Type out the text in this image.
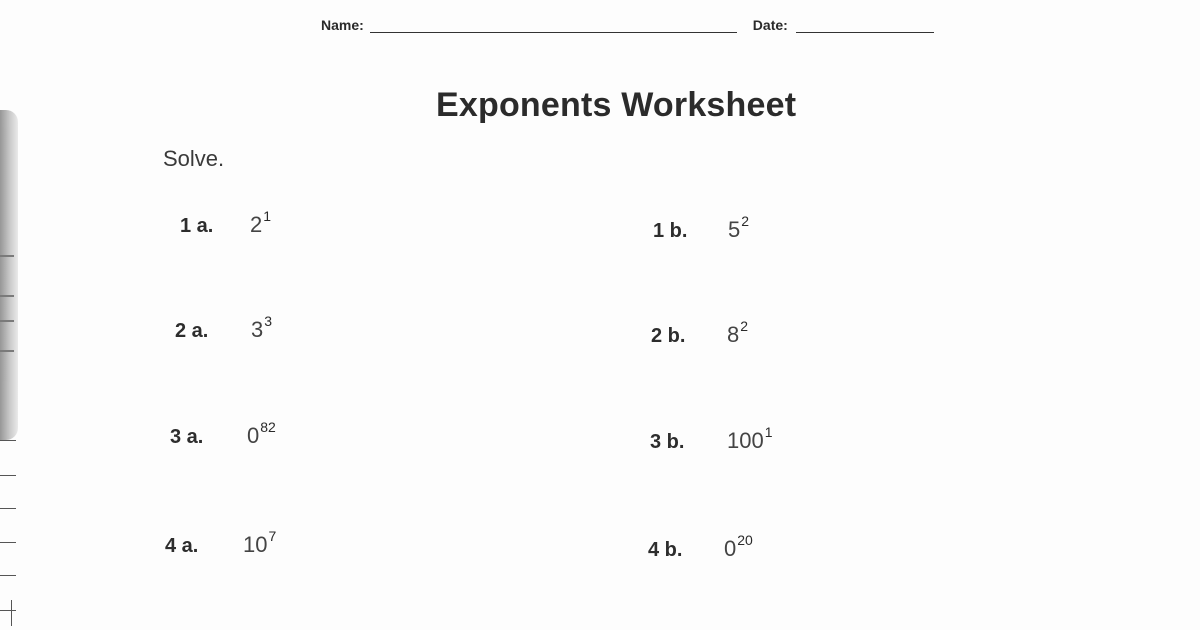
Name:	Date:
Exponents Worksheet
Solve.
1 a.	2 1
1 b.	5 2
2 a.	3 3
2 b.	8 2
3 a.	0 82
3 b.	100 1
4 a.	10 7
4 b.	0 20
